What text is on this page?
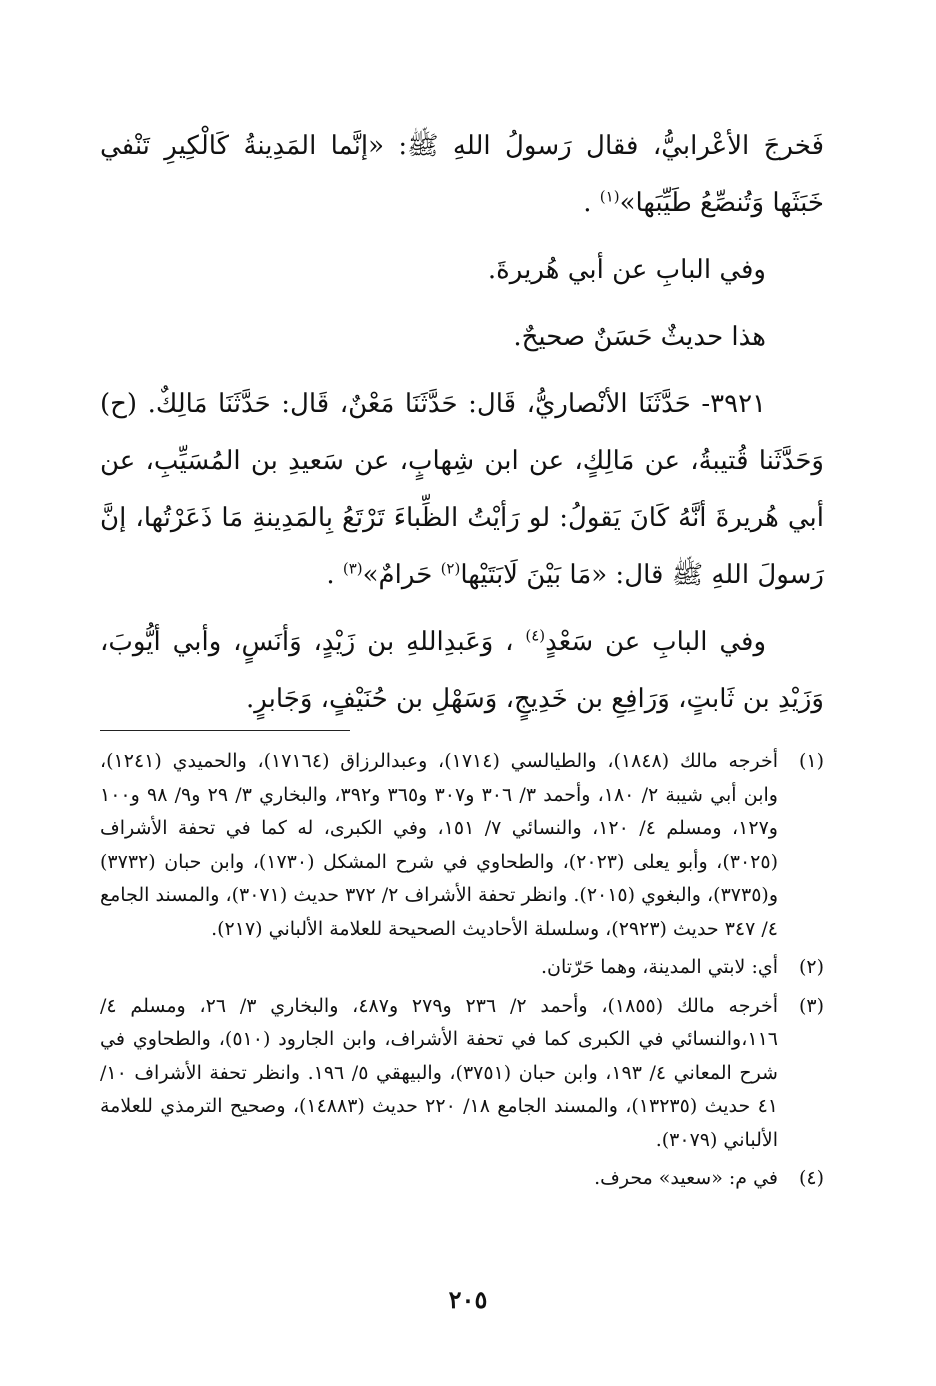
فَخرجَ الأعْرابيُّ، فقال رَسولُ اللهِ ﷺ: «إنَّما المَدِينةُ كَالْكِيرِ تَنْفي خَبَثَها وَتُنصِّعُ طَيِّبَها»$^{(١)}$ .

وفي البابِ عن أبي هُريرةَ.

هذا حديثٌ حَسَنٌ صحيحٌ.

٣٩٢١- حَدَّثَنَا الأنْصاريُّ، قَال: حَدَّثَنَا مَعْنٌ، قَال: حَدَّثَنَا مَالِكٌ. (ح) وَحَدَّثَنا قُتيبةُ، عن مَالِكٍ، عن ابن شِهابٍ، عن سَعيدِ بن المُسَيِّبِ، عن أبي هُريرةَ أنَّهُ كَانَ يَقولُ: لو رَأيْتُ الظِّباءَ تَرْتَعُ بِالمَدِينةِ مَا ذَعَرْتُها، إنَّ رَسولَ اللهِ ﷺ قال: «مَا بَيْنَ لَابَتَيْها$^{(٢)}$ حَرامٌ»$^{(٣)}$ .

وفي البابِ عن سَعْدٍ$^{(٤)}$ ، وَعَبدِاللهِ بن زَيْدٍ، وَأنَسٍ، وأبي أيُّوبَ، وَزَيْدِ بن ثَابتٍ، وَرَافِعِ بن خَدِيجٍ، وَسَهْلِ بن حُنَيْفٍ، وَجَابرٍ.

(١)
أخرجه مالك (١٨٤٨)، والطيالسي (١٧١٤)، وعبدالرزاق (١٧١٦٤)، والحميدي (١٢٤١)، وابن أبي شيبة ٢/ ١٨٠، وأحمد ٣/ ٣٠٦ و٣٠٧ و٣٦٥ و٣٩٢، والبخاري ٣/ ٢٩ و٩/ ٩٨ و١٠٠ و١٢٧، ومسلم ٤/ ١٢٠، والنسائي ٧/ ١٥١، وفي الكبرى، له كما في تحفة الأشراف (٣٠٢٥)، وأبو يعلى (٢٠٢٣)، والطحاوي في شرح المشكل (١٧٣٠)، وابن حبان (٣٧٣٢) و(٣٧٣٥)، والبغوي (٢٠١٥). وانظر تحفة الأشراف ٢/ ٣٧٢ حديث (٣٠٧١)، والمسند الجامع ٤/ ٣٤٧ حديث (٢٩٢٣)، وسلسلة الأحاديث الصحيحة للعلامة الألباني (٢١٧).
(٢)
أي: لابتي المدينة، وهما حَرّتان.
(٣)
أخرجه مالك (١٨٥٥)، وأحمد ٢/ ٢٣٦ و٢٧٩ و٤٨٧، والبخاري ٣/ ٢٦، ومسلم ٤/ ١١٦،والنسائي في الكبرى كما في تحفة الأشراف، وابن الجارود (٥١٠)، والطحاوي في شرح المعاني ٤/ ١٩٣، وابن حبان (٣٧٥١)، والبيهقي ٥/ ١٩٦. وانظر تحفة الأشراف ١٠/ ٤١ حديث (١٣٢٣٥)، والمسند الجامع ١٨/ ٢٢٠ حديث (١٤٨٨٣)، وصحيح الترمذي للعلامة الألباني (٣٠٧٩).
(٤)
في م: «سعيد» محرف.
٢٠٥
